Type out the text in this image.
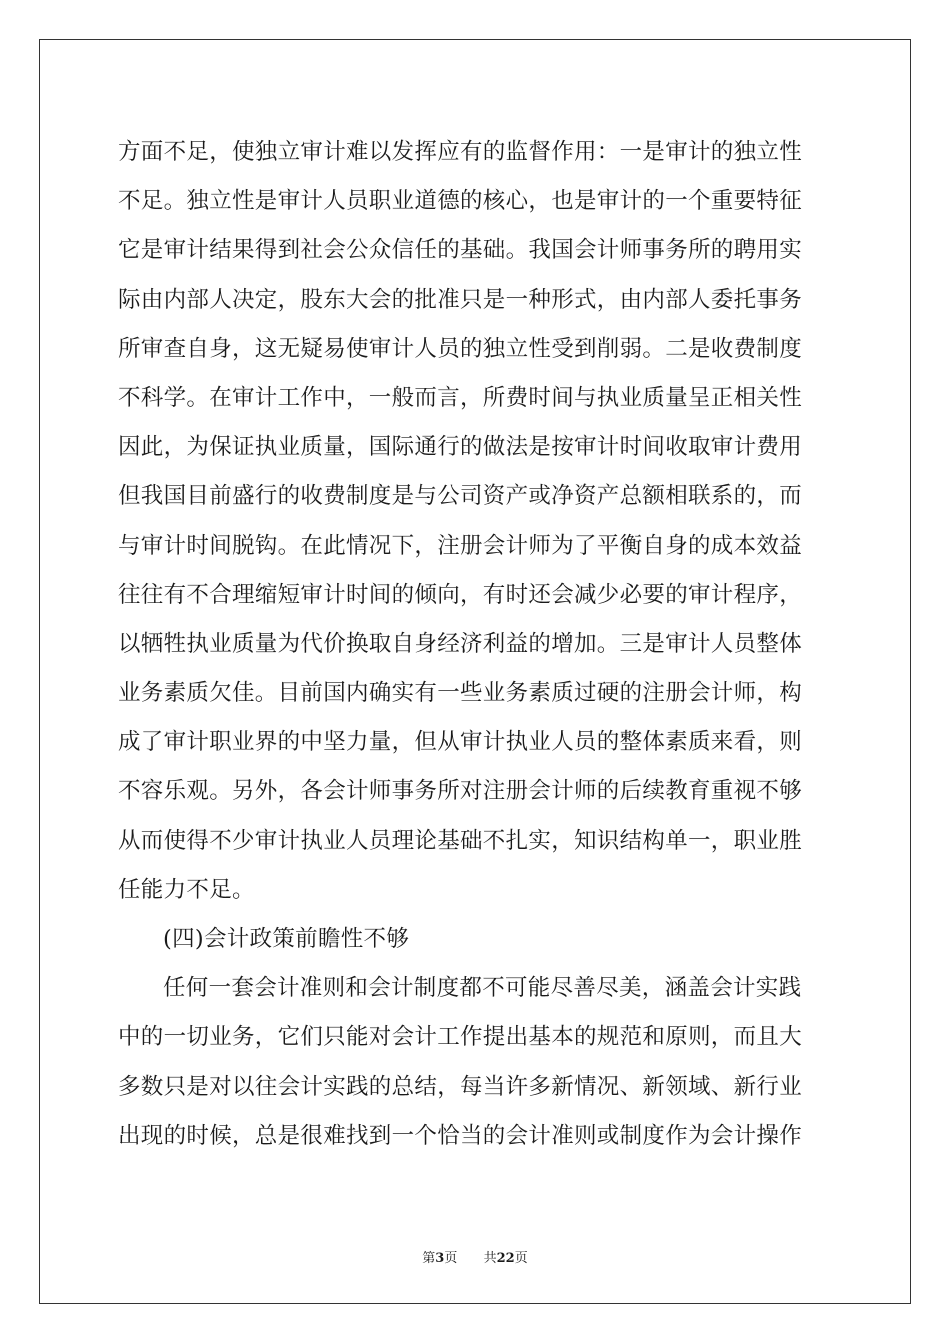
方面不足，使独立审计难以发挥应有的监督作用：一是审计的独立性
不足。独立性是审计人员职业道德的核心，也是审计的一个重要特征
它是审计结果得到社会公众信任的基础。我国会计师事务所的聘用实
际由内部人决定，股东大会的批准只是一种形式，由内部人委托事务
所审查自身，这无疑易使审计人员的独立性受到削弱。二是收费制度
不科学。在审计工作中，一般而言，所费时间与执业质量呈正相关性
因此，为保证执业质量，国际通行的做法是按审计时间收取审计费用
但我国目前盛行的收费制度是与公司资产或净资产总额相联系的，而
与审计时间脱钩。在此情况下，注册会计师为了平衡自身的成本效益
往往有不合理缩短审计时间的倾向，有时还会减少必要的审计程序，
以牺牲执业质量为代价换取自身经济利益的增加。三是审计人员整体
业务素质欠佳。目前国内确实有一些业务素质过硬的注册会计师，构
成了审计职业界的中坚力量，但从审计执业人员的整体素质来看，则
不容乐观。另外，各会计师事务所对注册会计师的后续教育重视不够
从而使得不少审计执业人员理论基础不扎实，知识结构单一，职业胜
任能力不足。
(四)会计政策前瞻性不够
任何一套会计准则和会计制度都不可能尽善尽美，涵盖会计实践
中的一切业务，它们只能对会计工作提出基本的规范和原则，而且大
多数只是对以往会计实践的总结，每当许多新情况、新领域、新行业
出现的时候，总是很难找到一个恰当的会计准则或制度作为会计操作
第3页 共22页
